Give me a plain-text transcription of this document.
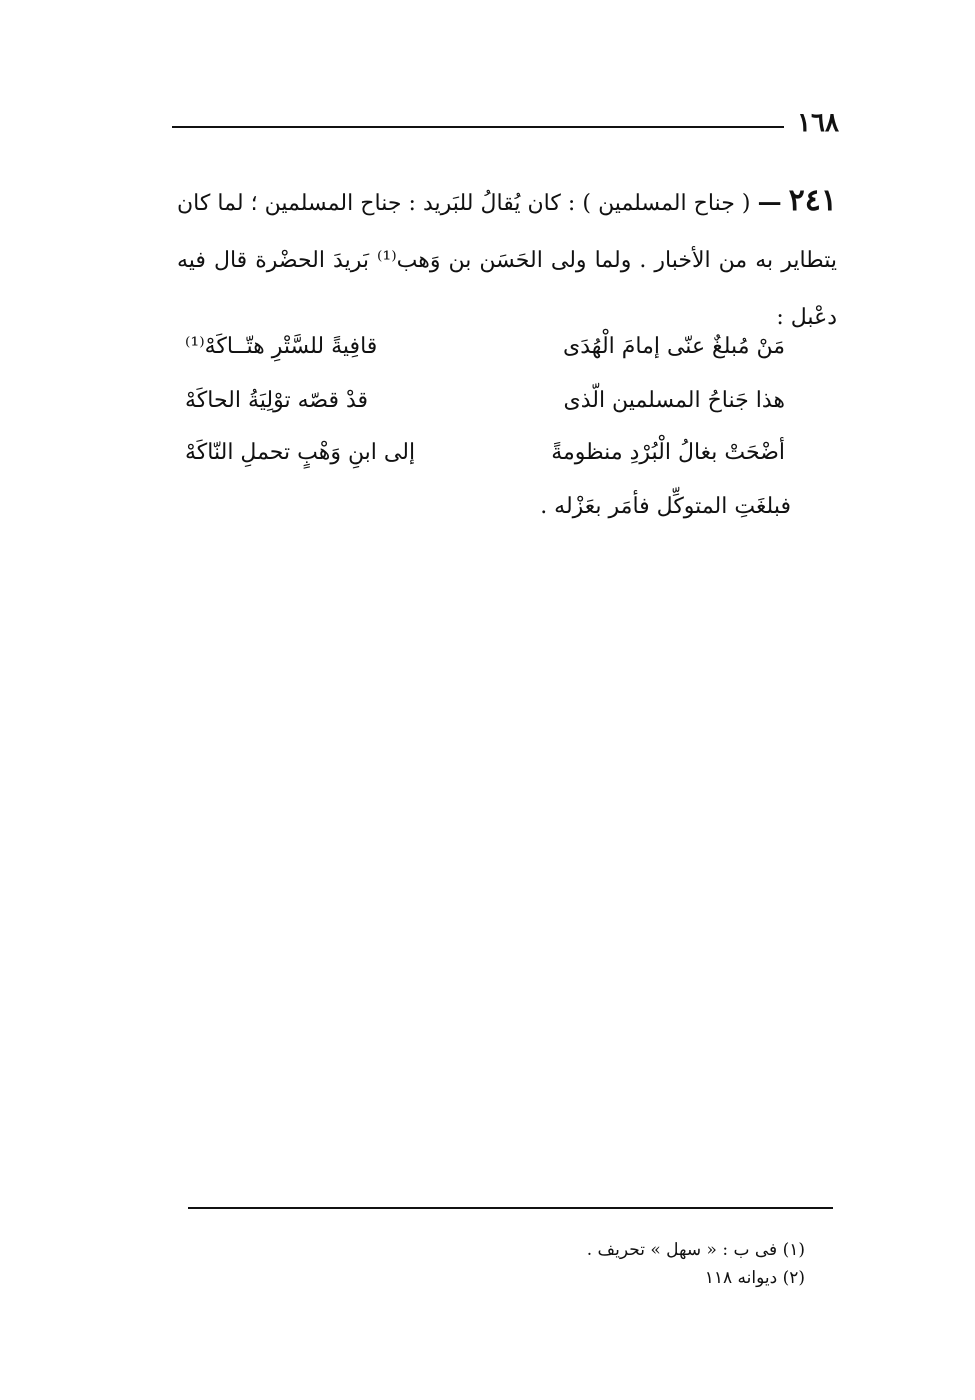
١٦٨
٢٤١ — ( جناح المسلمين ) : كان يُقالُ للبَريد : جناح المسلمين ؛ لما كان يتطاير به من الأخبار . ولما ولى الحَسَن بن وَهب⁽¹⁾ بَريدَ الحضْرة قال فيه دعْبل :
مَنْ مُبلغٌ عنّى إمامَ الْهُدَى
قافِيةً للسَّتْرِ هتّــاكَهْ⁽¹⁾
هذا جَناحُ المسلمين الّذى
قدْ قصّه توْلِيَةُ الحاكَهْ
أضْحَتْ بغالُ الْبُرْدِ منظومةً
إلى ابنِ وَهْبٍ تحملِ النّاكَهْ
فبلغَتِ المتوكِّل فأمَر بعَزْله .
(١) فى ب : « سهل » تحريف .
(٢) ديوانه ١١٨
